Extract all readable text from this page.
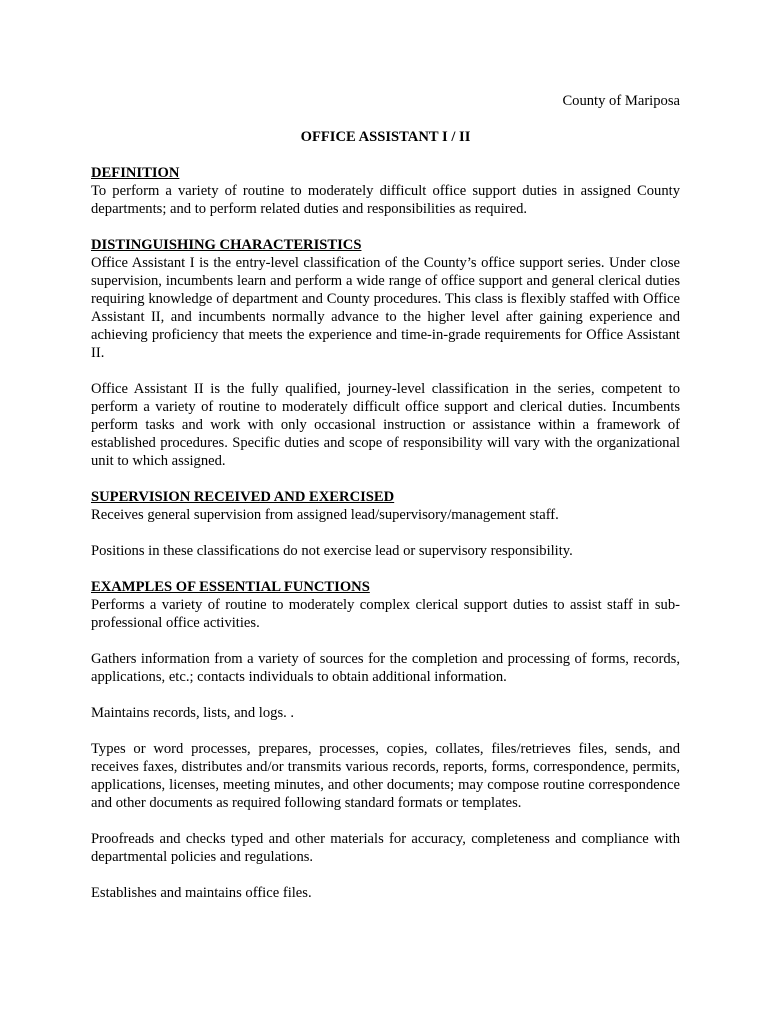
County of Mariposa
OFFICE ASSISTANT I / II
DEFINITION

To perform a variety of routine to moderately difficult office support duties in assigned County departments; and to perform related duties and responsibilities as required.

DISTINGUISHING CHARACTERISTICS

Office Assistant I is the entry-level classification of the County’s office support series. Under close supervision, incumbents learn and perform a wide range of office support and general clerical duties requiring knowledge of department and County procedures. This class is flexibly staffed with Office Assistant II, and incumbents normally advance to the higher level after gaining experience and achieving proficiency that meets the experience and time-in-grade requirements for Office Assistant II.

Office Assistant II is the fully qualified, journey-level classification in the series, competent to perform a variety of routine to moderately difficult office support and clerical duties. Incumbents perform tasks and work with only occasional instruction or assistance within a framework of established procedures. Specific duties and scope of responsibility will vary with the organizational unit to which assigned.

SUPERVISION RECEIVED AND EXERCISED

Receives general supervision from assigned lead/supervisory/management staff.

Positions in these classifications do not exercise lead or supervisory responsibility.

EXAMPLES OF ESSENTIAL FUNCTIONS

Performs a variety of routine to moderately complex clerical support duties to assist staff in sub-professional office activities.

Gathers information from a variety of sources for the completion and processing of forms, records, applications, etc.; contacts individuals to obtain additional information.

Maintains records, lists, and logs. .

Types or word processes, prepares, processes, copies, collates, files/retrieves files, sends, and receives faxes, distributes and/or transmits various records, reports, forms, correspondence, permits, applications, licenses, meeting minutes, and other documents; may compose routine correspondence and other documents as required following standard formats or templates.

Proofreads and checks typed and other materials for accuracy, completeness and compliance with departmental policies and regulations.

Establishes and maintains office files.
